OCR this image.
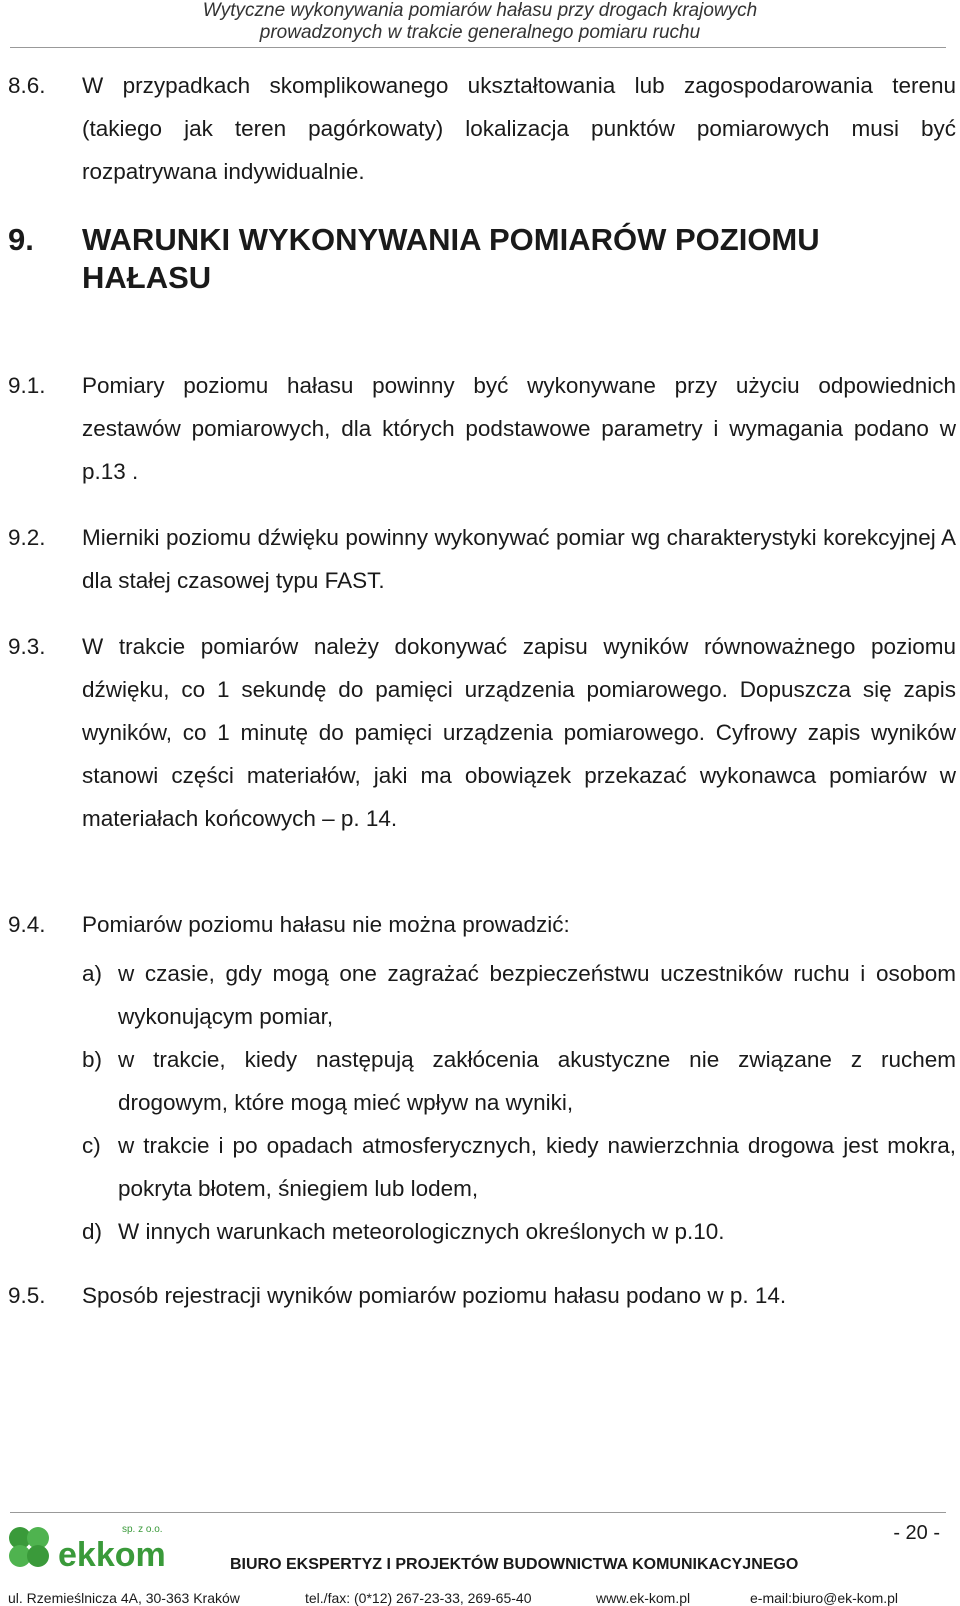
Wytyczne wykonywania pomiarów hałasu przy drogach krajowych
prowadzonych w trakcie generalnego pomiaru ruchu
8.6. W przypadkach skomplikowanego ukształtowania lub zagospodarowania terenu (takiego jak teren pagórkowaty) lokalizacja punktów pomiarowych musi być rozpatrywana indywidualnie.
9. WARUNKI WYKONYWANIA POMIARÓW POZIOMU HAŁASU
9.1. Pomiary poziomu hałasu powinny być wykonywane przy użyciu odpowiednich zestawów pomiarowych, dla których podstawowe parametry i wymagania podano w p.13 .
9.2. Mierniki poziomu dźwięku powinny wykonywać pomiar wg charakterystyki korekcyjnej A dla stałej czasowej typu FAST.
9.3. W trakcie pomiarów należy dokonywać zapisu wyników równoważnego poziomu dźwięku, co 1 sekundę do pamięci urządzenia pomiarowego. Dopuszcza się zapis wyników, co 1 minutę do pamięci urządzenia pomiarowego. Cyfrowy zapis wyników stanowi części materiałów, jaki ma obowiązek przekazać wykonawca pomiarów w materiałach końcowych – p. 14.
9.4. Pomiarów poziomu hałasu nie można prowadzić:
a) w czasie, gdy mogą one zagrażać bezpieczeństwu uczestników ruchu i osobom wykonującym pomiar,
b) w trakcie, kiedy następują zakłócenia akustyczne nie związane z ruchem drogowym, które mogą mieć wpływ na wyniki,
c) w trakcie i po opadach atmosferycznych, kiedy nawierzchnia drogowa jest mokra, pokryta błotem, śniegiem lub lodem,
d) W innych warunkach meteorologicznych określonych w p.10.
9.5. Sposób rejestracji wyników pomiarów poziomu hałasu podano w p. 14.
sp. z o.o.
ekkom
- 20 -
BIURO EKSPERTYZ I PROJEKTÓW BUDOWNICTWA KOMUNIKACYJNEGO
ul. Rzemieślnicza 4A, 30-363 Kraków	tel./fax: (0*12) 267-23-33, 269-65-40	www.ek-kom.pl	e-mail:biuro@ek-kom.pl
